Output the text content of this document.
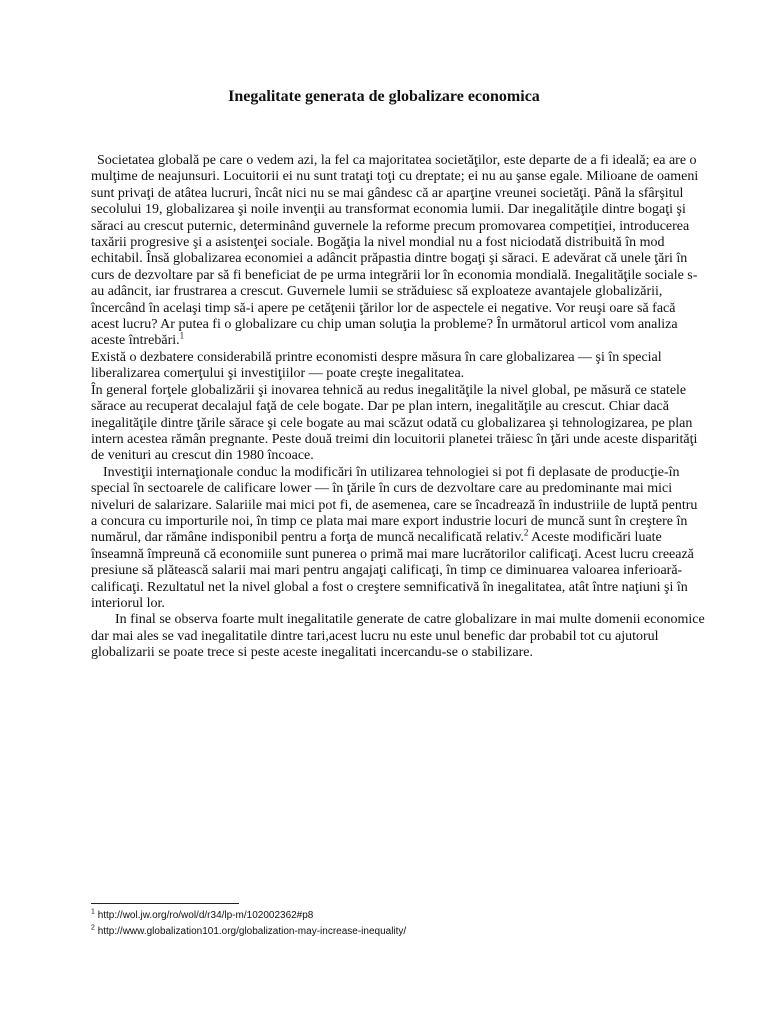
Inegalitate generata de globalizare economica

Societatea globală pe care o vedem azi, la fel ca majoritatea societăţilor, este departe de a fi ideală; ea are o mulţime de neajunsuri. Locuitorii ei nu sunt trataţi toţi cu dreptate; ei nu au şanse egale. Milioane de oameni sunt privaţi de atâtea lucruri, încât nici nu se mai gândesc că ar aparţine vreunei societăţi. Până la sfârşitul secolului 19, globalizarea şi noile invenţii au transformat economia lumii. Dar inegalităţile dintre bogaţi şi săraci au crescut puternic, determinând guvernele la reforme precum promovarea competiţiei, introducerea taxării progresive şi a asistenţei sociale. Bogăţia la nivel mondial nu a fost niciodată distribuită în mod echitabil. Însă globalizarea economiei a adâncit prăpastia dintre bogaţi şi săraci. E adevărat că unele ţări în curs de dezvoltare par să fi beneficiat de pe urma integrării lor în economia mondială. Inegalităţile sociale s-au adâncit, iar frustrarea a crescut. Guvernele lumii se străduiesc să exploateze avantajele globalizării, încercând în acelaşi timp să-i apere pe cetăţenii ţărilor lor de aspectele ei negative. Vor reuşi oare să facă acest lucru? Ar putea fi o globalizare cu chip uman soluţia la probleme? În următorul articol vom analiza aceste întrebări.$^1$

Există o dezbatere considerabilă printre economisti despre măsura în care globalizarea — şi în special liberalizarea comerţului şi investiţiilor — poate creşte inegalitatea.

În general forţele globalizării şi inovarea tehnică au redus inegalităţile la nivel global, pe măsură ce statele sărace au recuperat decalajul faţă de cele bogate. Dar pe plan intern, inegalităţile au crescut. Chiar dacă inegalităţile dintre ţările sărace şi cele bogate au mai scăzut odată cu globalizarea şi tehnologizarea, pe plan intern acestea rămân pregnante. Peste două treimi din locuitorii planetei trăiesc în ţări unde aceste disparităţi de venituri au crescut din 1980 încoace.

Investiţii internaţionale conduc la modificări în utilizarea tehnologiei si pot fi deplasate de producţie-în special în sectoarele de calificare lower — în ţările în curs de dezvoltare care au predominante mai mici niveluri de salarizare. Salariile mai mici pot fi, de asemenea, care se încadrează în industriile de luptă pentru a concura cu importurile noi, în timp ce plata mai mare export industrie locuri de muncă sunt în creştere în numărul, dar rămâne indisponibil pentru a forţa de muncă necalificată relativ.$^2$ Aceste modificări luate înseamnă împreună că economiile sunt punerea o primă mai mare lucrătorilor calificaţi. Acest lucru creează presiune să plătească salarii mai mari pentru angajaţi calificaţi, în timp ce diminuarea valoarea inferioară-calificaţi. Rezultatul net la nivel global a fost o creştere semnificativă în inegalitatea, atât între naţiuni şi în interiorul lor.

In final se observa foarte mult inegalitatile generate de catre globalizare in mai multe domenii economice dar mai ales se vad inegalitatile dintre tari,acest lucru nu este unul benefic dar probabil tot cu ajutorul globalizarii se poate trece si peste aceste inegalitati incercandu-se o stabilizare.

$^1$ http://wol.jw.org/ro/wol/d/r34/lp-m/102002362#p8
$^2$ http://www.globalization101.org/globalization-may-increase-inequality/
